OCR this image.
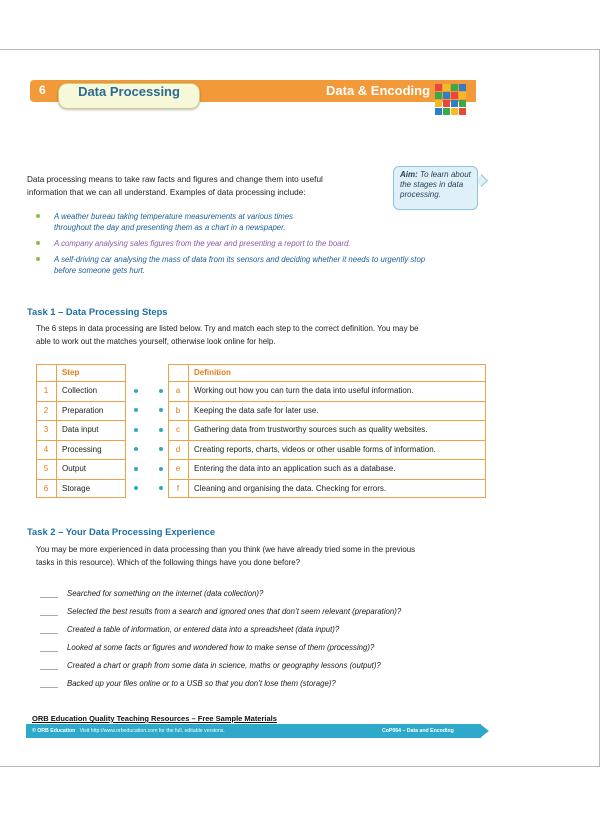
6	Data Processing	Data & Encoding
Data processing means to take raw facts and figures and change them into useful
information that we can all understand. Examples of data processing include:
Aim: To learn about the stages in data processing.
A weather bureau taking temperature measurements at various times
throughout the day and presenting them as a chart in a newspaper.
A company analysing sales figures from the year and presenting a report to the board.
A self-driving car analysing the mass of data from its sensors and deciding whether it needs to urgently stop
before someone gets hurt.
Task 1 – Data Processing Steps
The 6 steps in data processing are listed below. Try and match each step to the correct definition. You may be
able to work out the matches yourself, otherwise look online for help.
Step	Definition
1	Collection	a	Working out how you can turn the data into useful information.
2	Preparation	b	Keeping the data safe for later use.
3	Data input	c	Gathering data from trustworthy sources such as quality websites.
4	Processing	d	Creating reports, charts, videos or other usable forms of information.
5	Output	e	Entering the data into an application such as a database.
6	Storage	f	Cleaning and organising the data. Checking for errors.
Task 2 – Your Data Processing Experience
You may be more experienced in data processing than you think (we have already tried some in the previous
tasks in this resource). Which of the following things have you done before?
Searched for something on the internet (data collection)?
Selected the best results from a search and ignored ones that don’t seem relevant (preparation)?
Created a table of information, or entered data into a spreadsheet (data input)?
Looked at some facts or figures and wondered how to make sense of them (processing)?
Created a chart or graph from some data in science, maths or geography lessons (output)?
Backed up your files online or to a USB so that you don’t lose them (storage)?
ORB Education Quality Teaching Resources – Free Sample Materials
© ORB Education Visit http://www.orbeducation.com for the full, editable versions.	CoP064 – Data and Encoding
